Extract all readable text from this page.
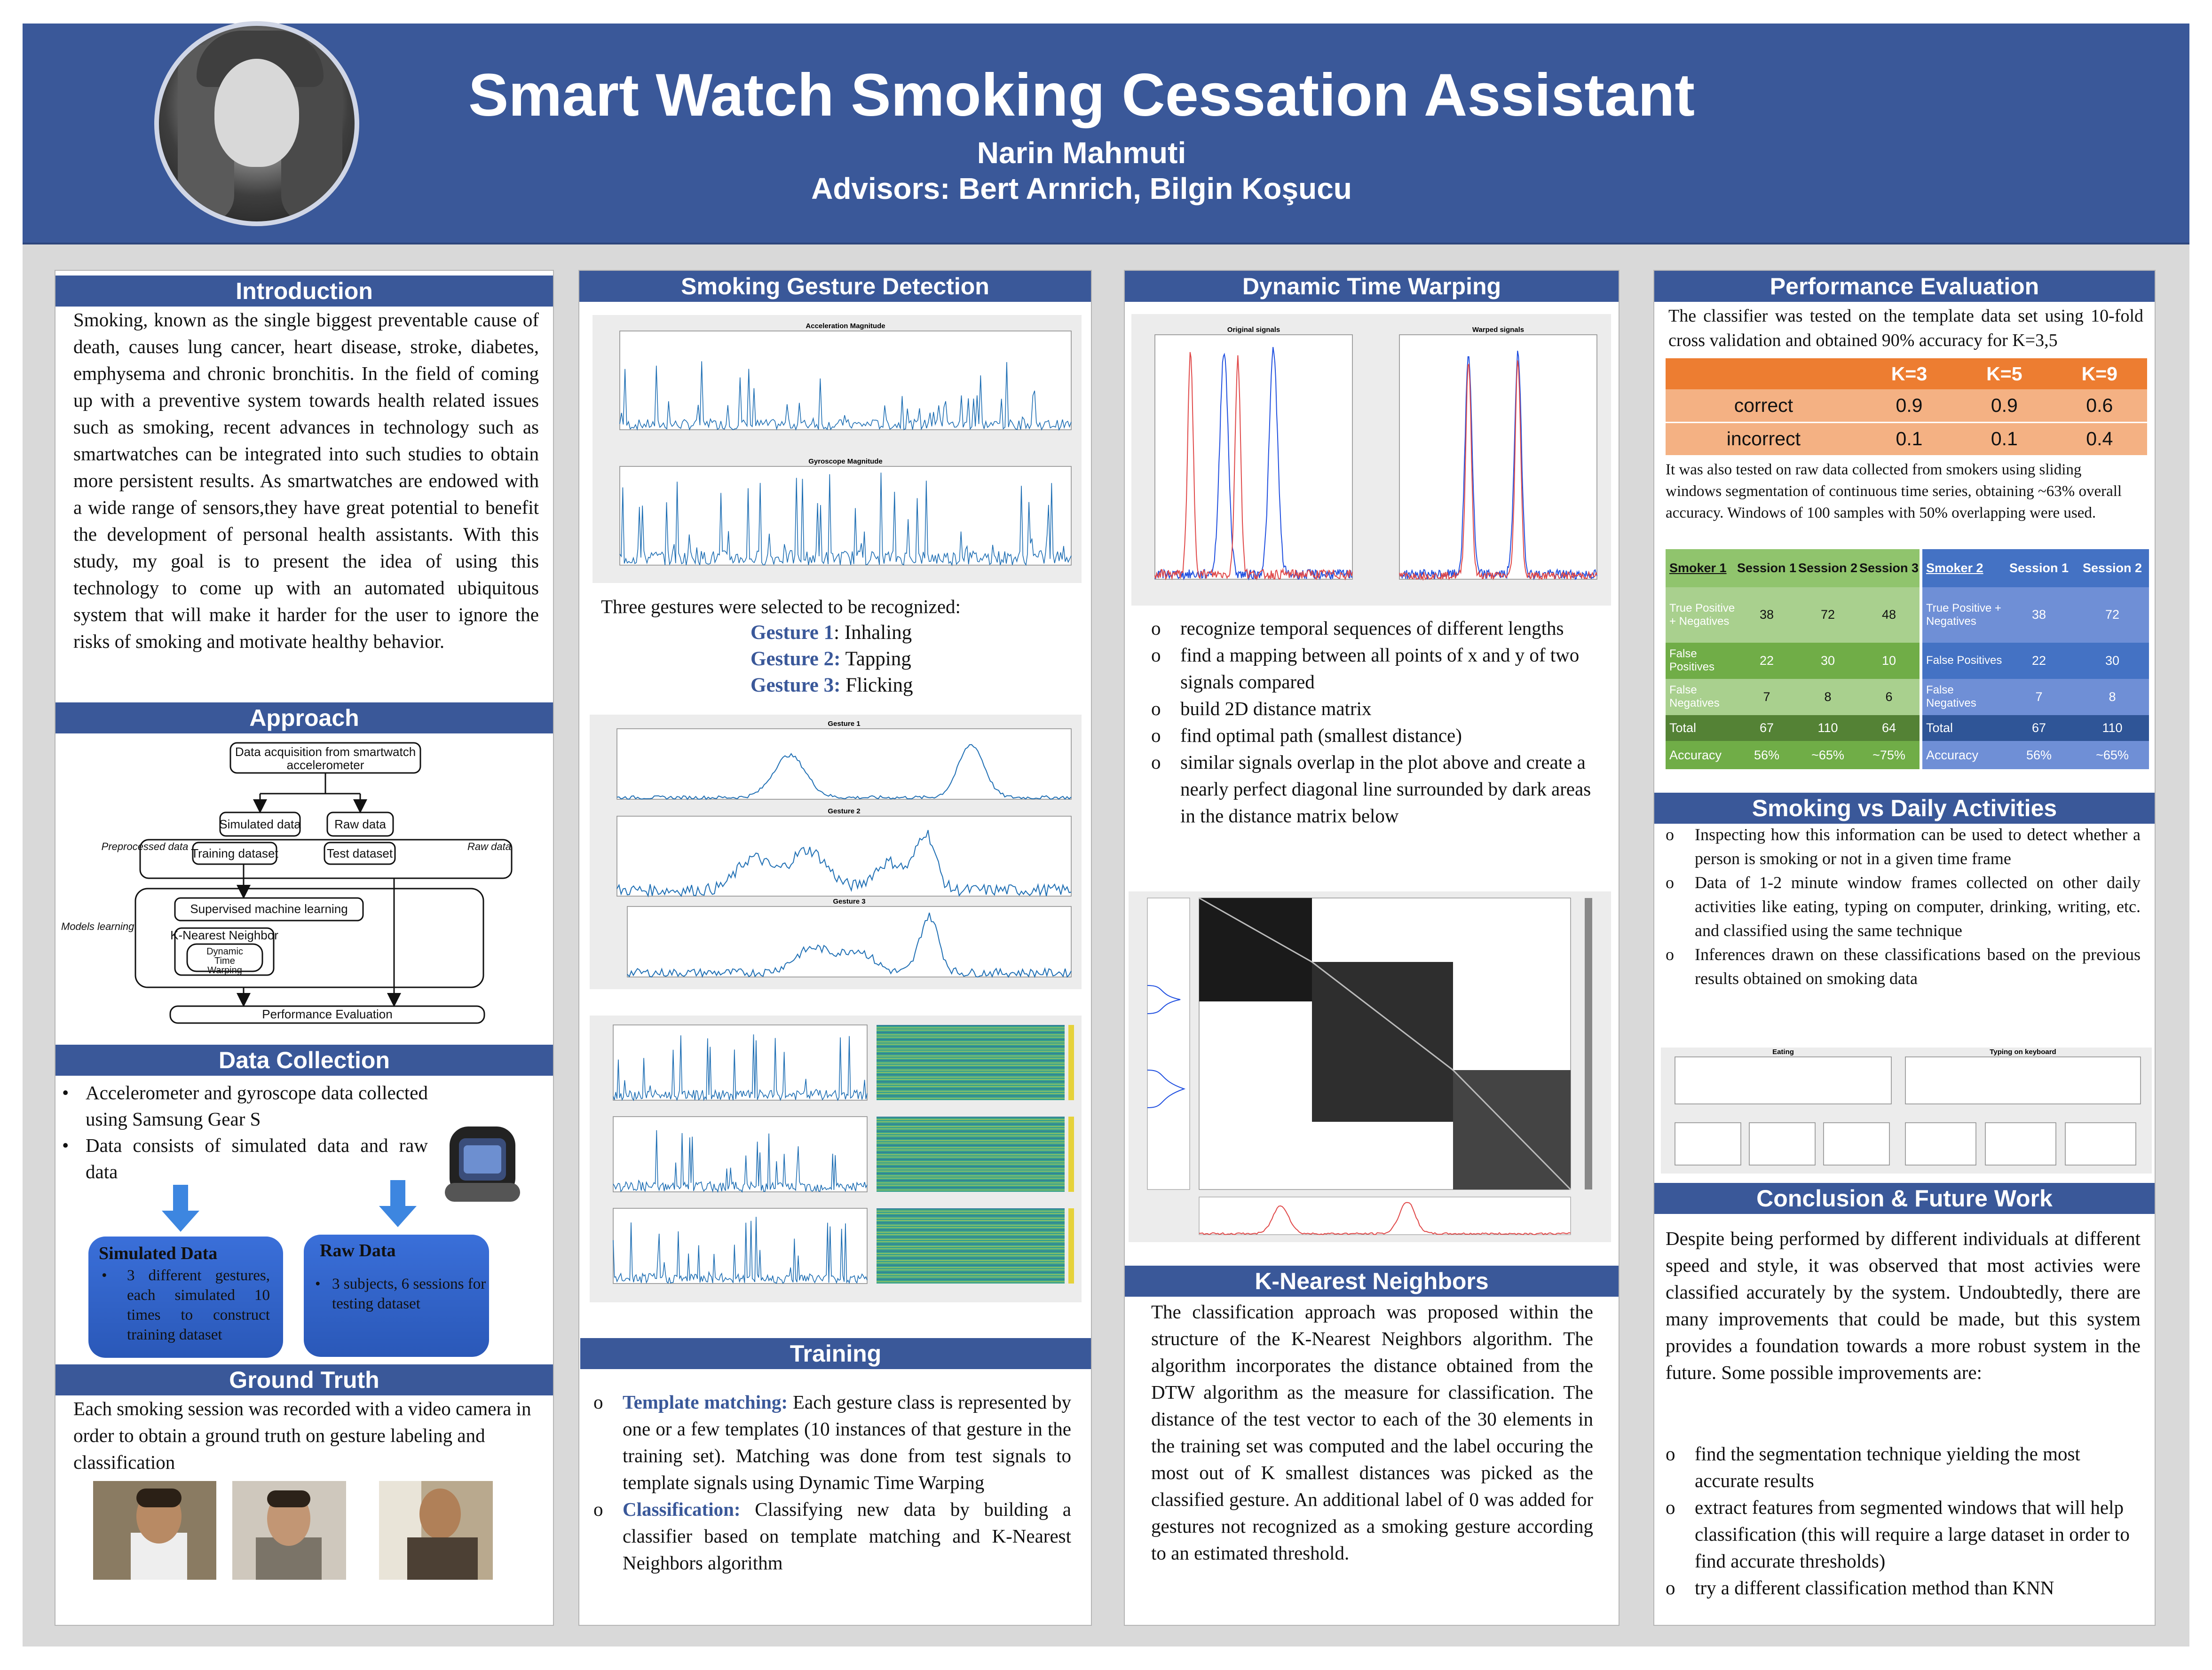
Smart Watch Smoking Cessation Assistant
Narin Mahmuti
Advisors: Bert Arnrich, Bilgin Koşucu
Introduction
Smoking, known as the single biggest preventable cause of death, causes lung cancer, heart disease, stroke, diabetes, emphysema and chronic bronchitis. In the field of coming up with a preventive system towards health related issues such as smoking, recent advances in technology such as smartwatches can be integrated into such studies to obtain more persistent results. As smartwatches are endowed with a wide range of sensors,they have great potential to benefit the development of personal health assistants. With this study, my goal is to present the idea of using this technology to come up with an automated ubiquitous system that will make it harder for the user to ignore the risks of smoking and motivate healthy behavior.
Approach
Data acquisition from smartwatch
accelerometer
Simulated data	Raw data
Training dataset	Test dataset
Supervised machine learning
K-Nearest Neighbor
Dynamic
Time
Warping
Performance Evaluation
Preprocessed data	Raw data
Models learning
Data Collection
• Accelerometer and gyroscope data collected using Samsung Gear S
• Data consists of simulated data and raw data
Simulated Data
• 3 different gestures, each simulated 10 times to construct training dataset
Raw Data
• 3 subjects, 6 sessions for testing dataset
Ground Truth
Each smoking session was recorded with a video camera in order to obtain a ground truth on gesture labeling and classification
Smoking Gesture Detection
Acceleration Magnitude
Gyroscope Magnitude
Three gestures were selected to be recognized:
Gesture 1: Inhaling
Gesture 2: Tapping
Gesture 3: Flicking
Gesture 1
Gesture 2
Gesture 3
Training
o Template matching: Each gesture class is represented by one or a few templates (10 instances of that gesture in the training set). Matching was done from test signals to template signals using Dynamic Time Warping
o Classification: Classifying new data by building a classifier based on template matching and K-Nearest Neighbors algorithm
Dynamic Time Warping
Original signals	Warped signals
o recognize temporal sequences of different lengths
o find a mapping between all points of x and y of two signals compared
o build 2D distance matrix
o find optimal path (smallest distance)
o similar signals overlap in the plot above and create a nearly perfect diagonal line surrounded by dark areas in the distance matrix below
K-Nearest Neighbors
The classification approach was proposed within the structure of the K-Nearest Neighbors algorithm. The algorithm incorporates the distance obtained from the DTW algorithm as the measure for classification. The distance of the test vector to each of the 30 elements in the training set was computed and the label occuring the most out of K smallest distances was picked as the classified gesture. An additional label of 0 was added for gestures not recognized as a smoking gesture according to an estimated threshold.
Performance Evaluation
The classifier was tested on the template data set using 10-fold cross validation and obtained 90% accuracy for K=3,5
	K=3	K=5	K=9
correct	0.9	0.9	0.6
incorrect	0.1	0.1	0.4
It was also tested on raw data collected from smokers using sliding windows segmentation of continuous time series, obtaining ~63% overall accuracy. Windows of 100 samples with 50% overlapping were used.
Smoker 1	Session 1	Session 2	Session 3
True Positive + Negatives	38	72	48
False Positives	22	30	10
False Negatives	7	8	6
Total	67	110	64
Accuracy	56%	~65%	~75%
Smoker 2	Session 1	Session 2
True Positive + Negatives	38	72
False Positives	22	30
False Negatives	7	8
Total	67	110
Accuracy	56%	~65%
Smoking vs Daily Activities
o Inspecting how this information can be used to detect whether a person is smoking or not in a given time frame
o Data of 1-2 minute window frames collected on other daily activities like eating, typing on computer, drinking, writing, etc. and classified using the same technique
o Inferences drawn on these classifications based on the previous results obtained on smoking data
Eating	Typing on keyboard
Conclusion & Future Work
Despite being performed by different individuals at different speed and style, it was observed that most activies were classified accurately by the system. Undoubtedly, there are many improvements that could be made, but this system provides a foundation towards a more robust system in the future. Some possible improvements are:
o find the segmentation technique yielding the most accurate results
o extract features from segmented windows that will help classification (this will require a large dataset in order to find accurate thresholds)
o try a different classification method than KNN
